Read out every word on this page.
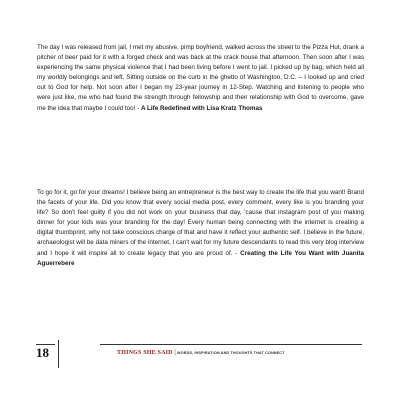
The day I was released from jail, I met my abusive, pimp boyfriend, walked across the street to the Pizza Hut, drank a pitcher of beer paid for it with a forged check and was back at the crack house that afternoon. Then soon after I was experiencing the same physical violence that I had been living before I went to jail. I picked up by bag, which held all my worldly belongings and left. Sitting outside on the curb in the ghetto of Washington, D.C. – I looked up and cried out to God for help. Not soon after I began my 23-year journey in 12-Step. Watching and listening to people who were just like, me who had found the strength through fellowship and their relationship with God to overcome, gave me the idea that maybe I could too! - A Life Redefined with Lisa Kratz Thomas

To go for it, go for your dreams! I believe being an entrepreneur is the best way to create the life that you want! Brand the facets of your life. Did you know that every social media post, every comment, every like is you branding your life? So don't feel guilty if you did not work on your business that day, 'cause that instagram post of you making dinner for your kids was your branding for the day! Every human being connecting with the internet is creating a digital thumbprint, why not take conscious charge of that and have it reflect your authentic self. I believe in the future, archaeologist will be data miners of the internet, I can't wait for my future descendants to read this very blog interview and I hope it will inspire all to create legacy that you are proud of. - Creating the Life You Want with Juanita Aguerrebere

18	THINGS SHE SAID | WORDS, INSPIRATION AND THOUGHTS THAT CONNECT
